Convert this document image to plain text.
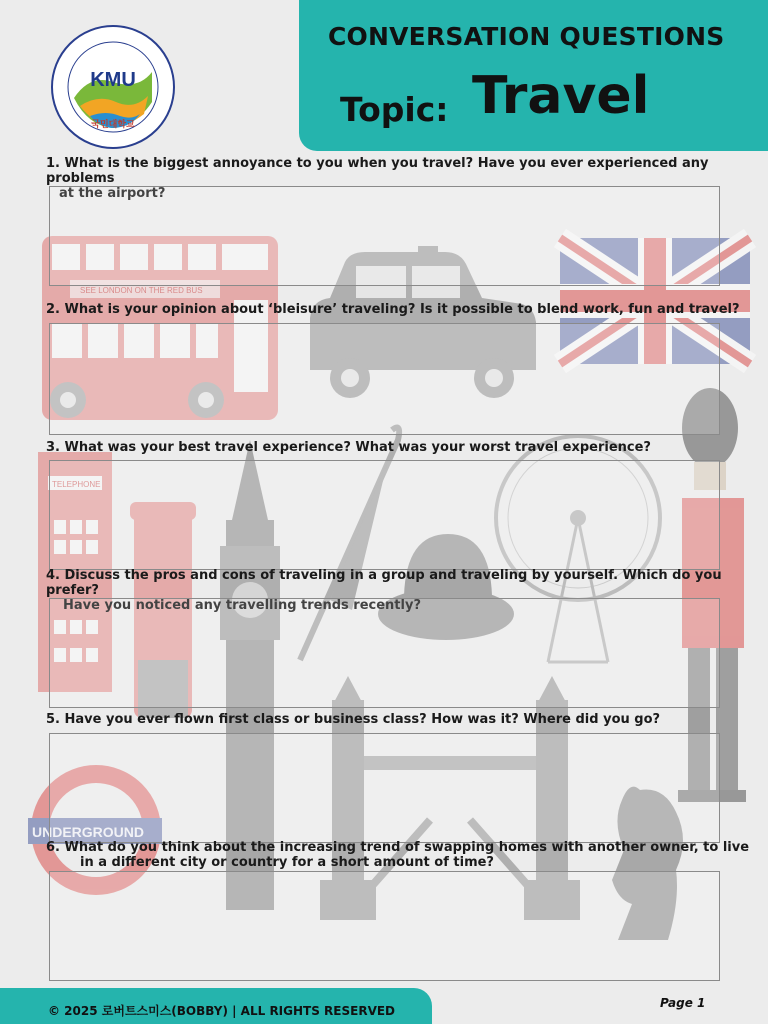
SEE LONDON ON THE RED BUS
TELEPHONE
UNDERGROUND
CONVERSATION QUESTIONS
Topic: Travel
KMU
국민대학교
1. What is the biggest annoyance to you when you travel? Have you ever experienced any problems
at the airport?
2. What is your opinion about ‘bleisure’ traveling? Is it possible to blend work, fun and travel?
3. What was your best travel experience? What was your worst travel experience?
4. Discuss the pros and cons of traveling in a group and traveling by yourself. Which do you prefer?
Have you noticed any travelling trends recently?
5. Have you ever flown first class or business class? How was it? Where did you go?
6. What do you think about the increasing trend of swapping homes with another owner, to live
in a different city or country for a short amount of time?
© 2025 로버트스미스(BOBBY) | ALL RIGHTS RESERVED
Page 1
